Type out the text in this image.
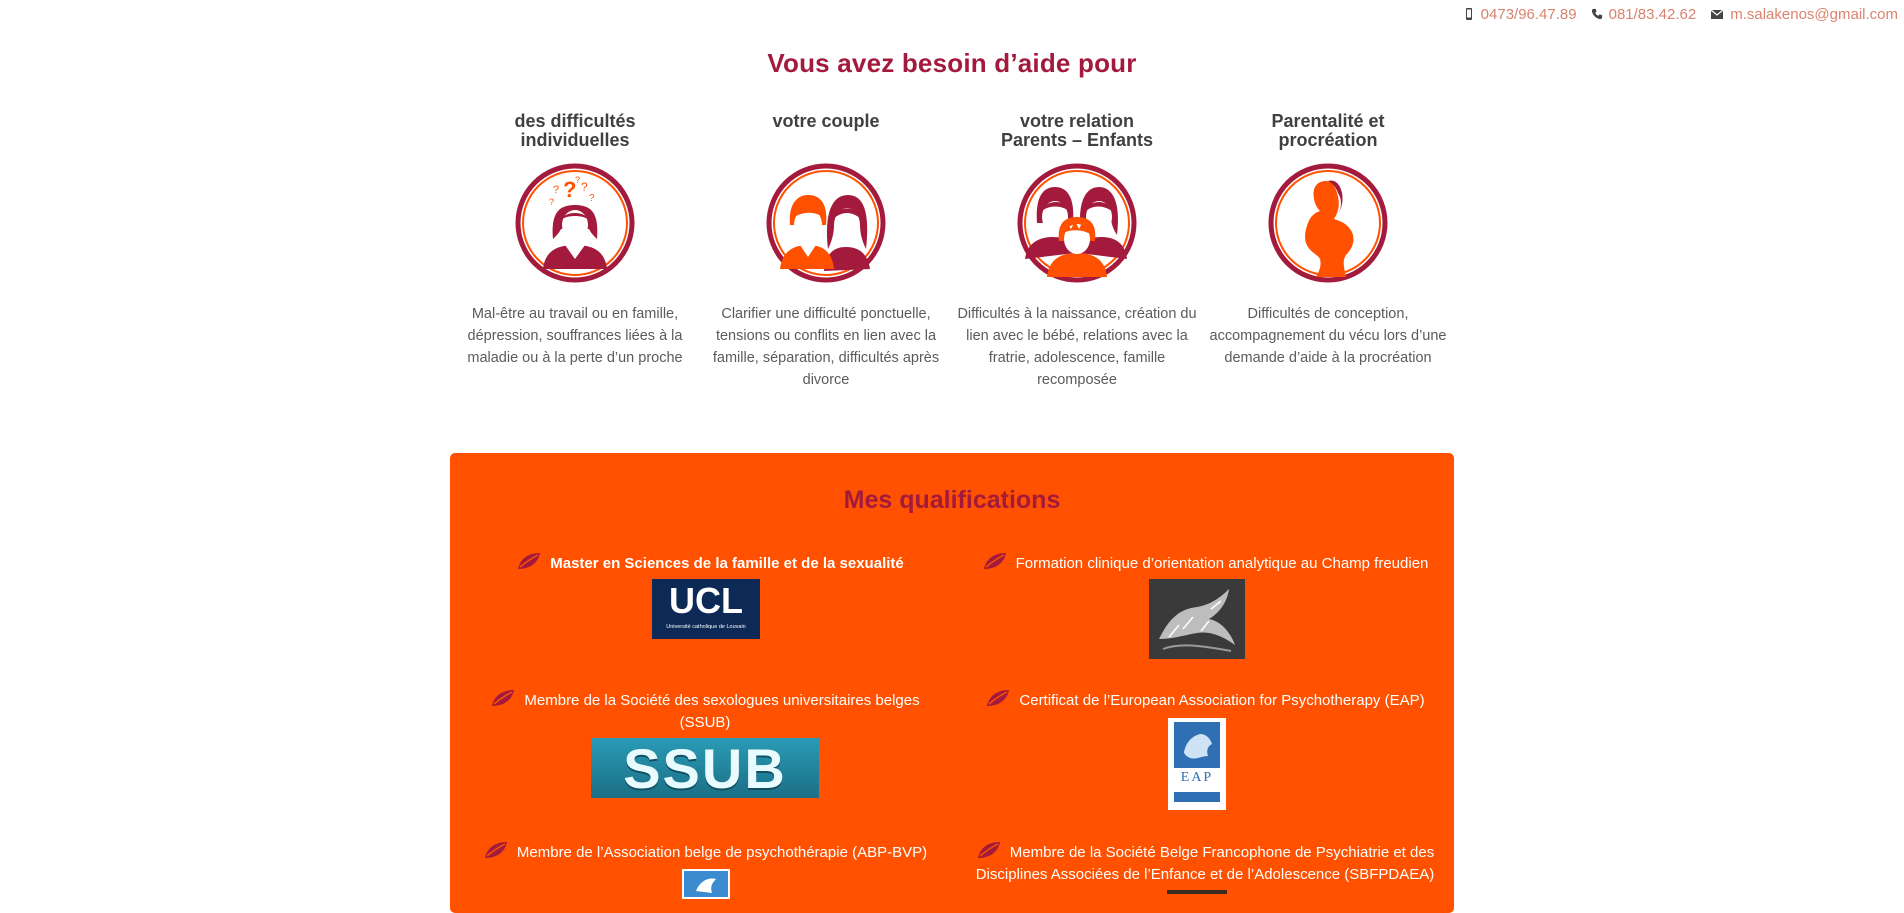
0473/96.47.89 081/83.42.62 m.salakenos@gmail.com
Vous avez besoin d’aide pour
des difficultés
individuelles
?
? ?
?
?
?
Mal-être au travail ou en famille, dépression, souffrances liées à la maladie ou à la perte d’un proche
votre couple
Clarifier une difficulté ponctuelle, tensions ou conflits en lien avec la famille, séparation, difficultés après divorce
votre relation
Parents – Enfants
Difficultés à la naissance, création du lien avec le bébé, relations avec la fratrie, adolescence, famille recomposée
Parentalité et
procréation
Difficultés de conception, accompagnement du vécu lors d’une demande d’aide à la procréation
Mes qualifications
Master en Sciences de la famille et de la sexualité
UCL
Université catholique de Louvain
Formation clinique d’orientation analytique au Champ freudien
Membre de la Société des sexologues universitaires belges (SSUB)
SSUB
Certificat de l’European Association for Psychotherapy (EAP)
EAP
Membre de l’Association belge de psychothérapie (ABP-BVP)	Membre de la Société Belge Francophone de Psychiatrie et des Disciplines Associées de l’Enfance et de l’Adolescence (SBFPDAEA)
